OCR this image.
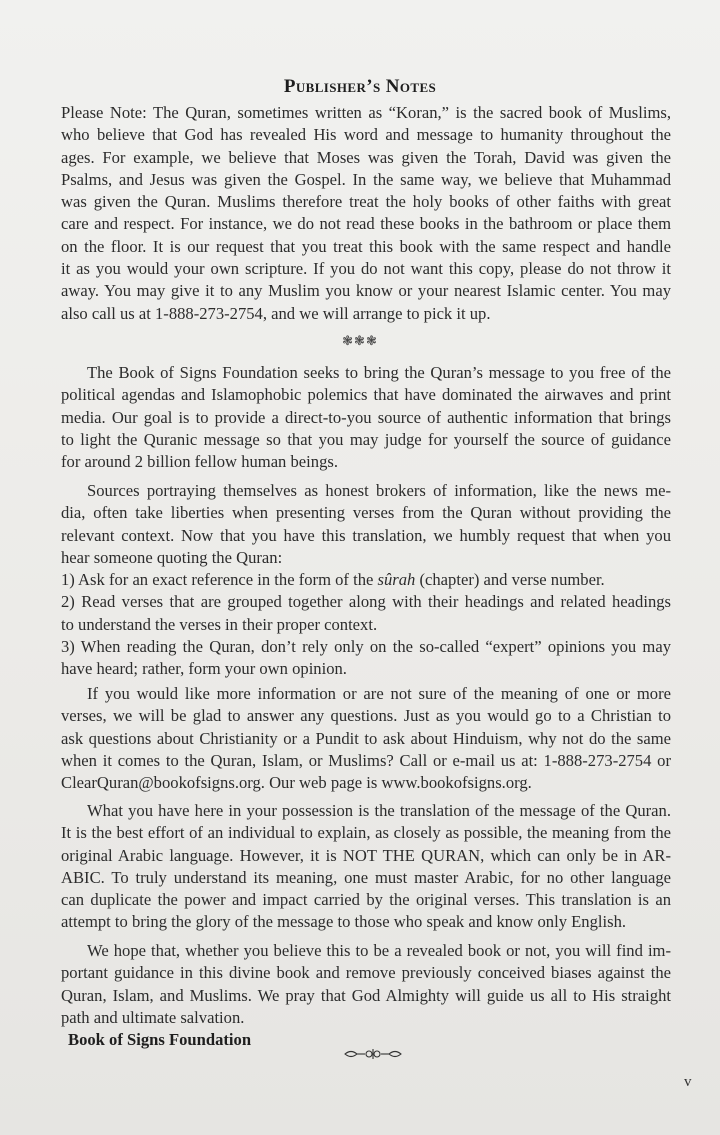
Publisher’s Notes
Please Note: The Quran, sometimes written as “Koran,” is the sacred book of Muslims,
who believe that God has revealed His word and message to humanity throughout the
ages. For example, we believe that Moses was given the Torah, David was given the
Psalms, and Jesus was given the Gospel. In the same way, we believe that Muhammad
was given the Quran. Muslims therefore treat the holy books of other faiths with great
care and respect. For instance, we do not read these books in the bathroom or place them
on the floor. It is our request that you treat this book with the same respect and handle
it as you would your own scripture. If you do not want this copy, please do not throw it
away. You may give it to any Muslim you know or your nearest Islamic center. You may
also call us at 1-888-273-2754, and we will arrange to pick it up.
❃❃❃
The Book of Signs Foundation seeks to bring the Quran’s message to you free of the
political agendas and Islamophobic polemics that have dominated the airwaves and print
media. Our goal is to provide a direct-to-you source of authentic information that brings
to light the Quranic message so that you may judge for yourself the source of guidance
for around 2 billion fellow human beings.
Sources portraying themselves as honest brokers of information, like the news me-
dia, often take liberties when presenting verses from the Quran without providing the
relevant context. Now that you have this translation, we humbly request that when you
hear someone quoting the Quran:
1) Ask for an exact reference in the form of the sûrah (chapter) and verse number.
2) Read verses that are grouped together along with their headings and related headings
to understand the verses in their proper context.
3) When reading the Quran, don’t rely only on the so-called “expert” opinions you may
have heard; rather, form your own opinion.
If you would like more information or are not sure of the meaning of one or more
verses, we will be glad to answer any questions. Just as you would go to a Christian to
ask questions about Christianity or a Pundit to ask about Hinduism, why not do the same
when it comes to the Quran, Islam, or Muslims? Call or e-mail us at: 1-888-273-2754 or
ClearQuran@bookofsigns.org. Our web page is www.bookofsigns.org.
What you have here in your possession is the translation of the message of the Quran.
It is the best effort of an individual to explain, as closely as possible, the meaning from the
original Arabic language. However, it is NOT THE QURAN, which can only be in AR-
ABIC. To truly understand its meaning, one must master Arabic, for no other language
can duplicate the power and impact carried by the original verses. This translation is an
attempt to bring the glory of the message to those who speak and know only English.
We hope that, whether you believe this to be a revealed book or not, you will find im-
portant guidance in this divine book and remove previously conceived biases against the
Quran, Islam, and Muslims. We pray that God Almighty will guide us all to His straight
path and ultimate salvation.
Book of Signs Foundation
v
